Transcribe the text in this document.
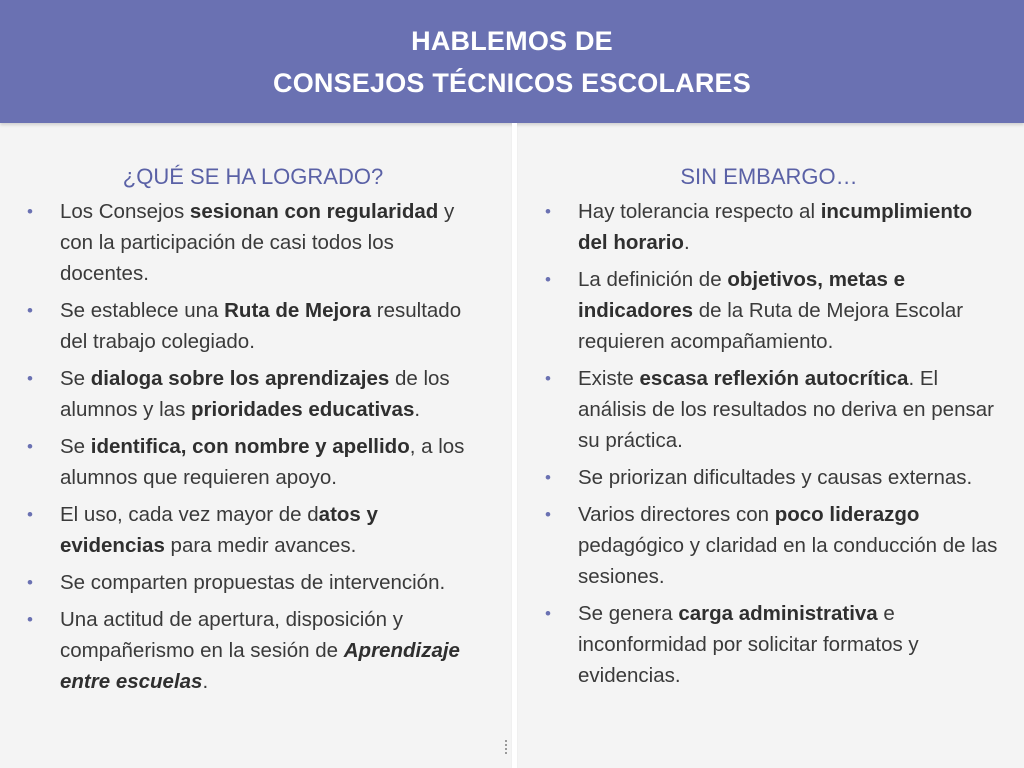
HABLEMOS DE
CONSEJOS TÉCNICOS ESCOLARES
¿QUÉ SE HA LOGRADO?
• Los Consejos sesionan con regularidad y con la participación de casi todos los docentes.
• Se establece una Ruta de Mejora resultado del trabajo colegiado.
• Se dialoga sobre los aprendizajes de los alumnos y las prioridades educativas.
• Se identifica, con nombre y apellido, a los alumnos que requieren apoyo.
• El uso, cada vez mayor de datos y evidencias para medir avances.
• Se comparten propuestas de intervención.
• Una actitud de apertura, disposición y compañerismo en la sesión de Aprendizaje entre escuelas.
SIN EMBARGO…
• Hay tolerancia respecto al incumplimiento del horario.
• La definición de objetivos, metas e indicadores de la Ruta de Mejora Escolar requieren acompañamiento.
• Existe escasa reflexión autocrítica. El análisis de los resultados no deriva en pensar su práctica.
• Se priorizan dificultades y causas externas.
• Varios directores con poco liderazgo pedagógico y claridad en la conducción de las sesiones.
• Se genera carga administrativa e inconformidad por solicitar formatos y evidencias.
